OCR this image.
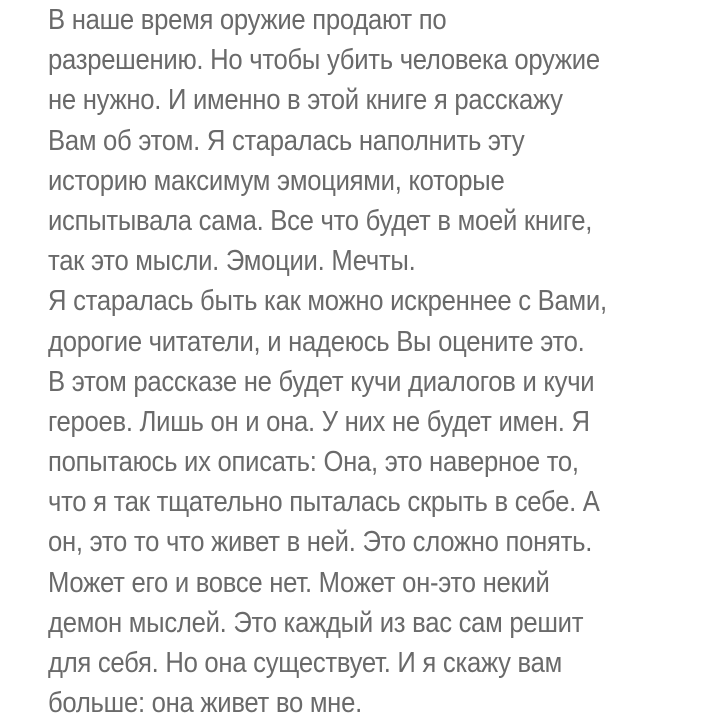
В наше время оружие продают по
разрешению. Но чтобы убить человека оружие
не нужно. И именно в этой книге я расскажу
Вам об этом. Я старалась наполнить эту
историю максимум эмоциями, которые
испытывала сама. Все что будет в моей книге,
так это мысли. Эмоции. Мечты.
Я старалась быть как можно искреннее с Вами,
дорогие читатели, и надеюсь Вы оцените это.
В этом рассказе не будет кучи диалогов и кучи
героев. Лишь он и она. У них не будет имен. Я
попытаюсь их описать: Она, это наверное то,
что я так тщательно пыталась скрыть в себе. А
он, это то что живет в ней. Это сложно понять.
Может его и вовсе нет. Может он-это некий
демон мыслей. Это каждый из вас сам решит
для себя. Но она существует. И я скажу вам
больше: она живет во мне.
